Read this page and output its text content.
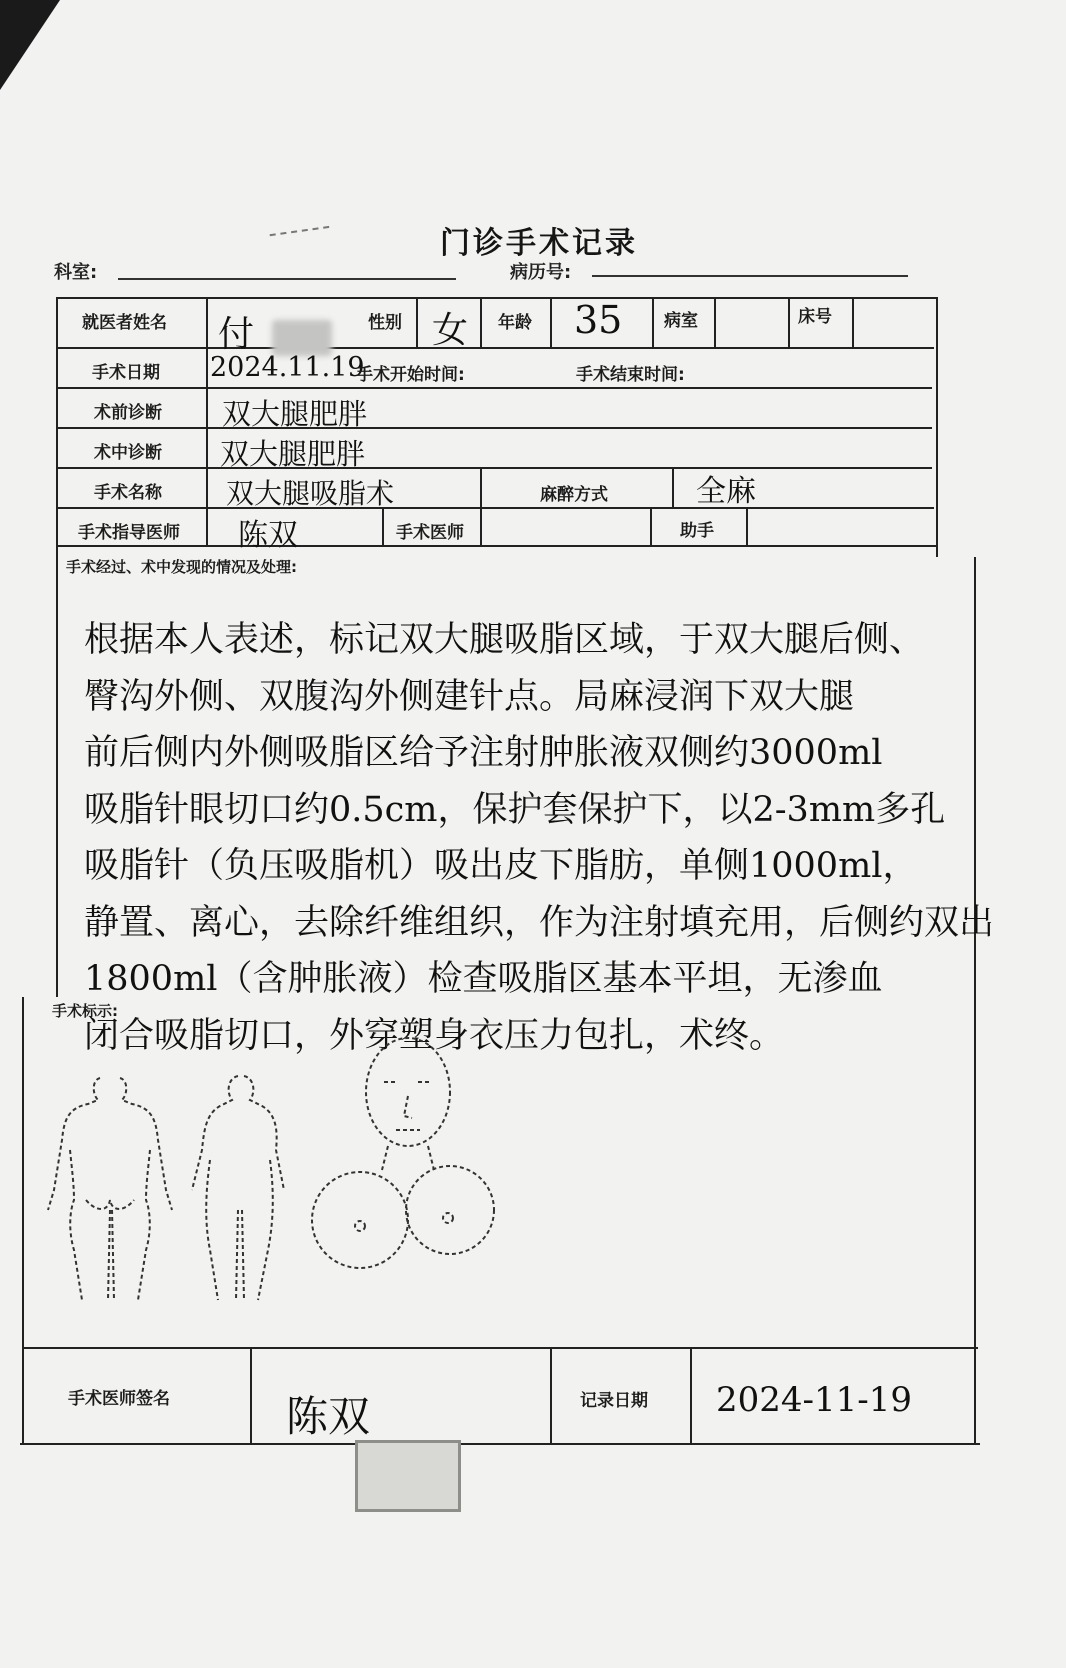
门诊手术记录
科室:	病历号:
就医者姓名 付	性别 女 年龄 35 病室	床号
手术日期 2024.11.19
手术开始时间:	手术结束时间:
术前诊断 双大腿肥胖
术中诊断 双大腿肥胖
手术名称 双大腿吸脂术	麻醉方式	全麻
手术指导医师 陈双	手术医师	助手
手术经过、术中发现的情况及处理:
根据本人表述，标记双大腿吸脂区域，于双大腿后侧、
臀沟外侧、双腹沟外侧建针点。局麻浸润下双大腿
前后侧内外侧吸脂区给予注射肿胀液双侧约3000ml
吸脂针眼切口约0.5cm，保护套保护下，以2-3mm多孔
吸脂针（负压吸脂机）吸出皮下脂肪，单侧1000ml，
静置、离心，去除纤维组织，作为注射填充用，后侧约双出
1800ml（含肿胀液）检查吸脂区基本平坦，无渗血
闭合吸脂切口，外穿塑身衣压力包扎，术终。
手术标示:
手术医师签名	陈双	记录日期 2024-11-19
